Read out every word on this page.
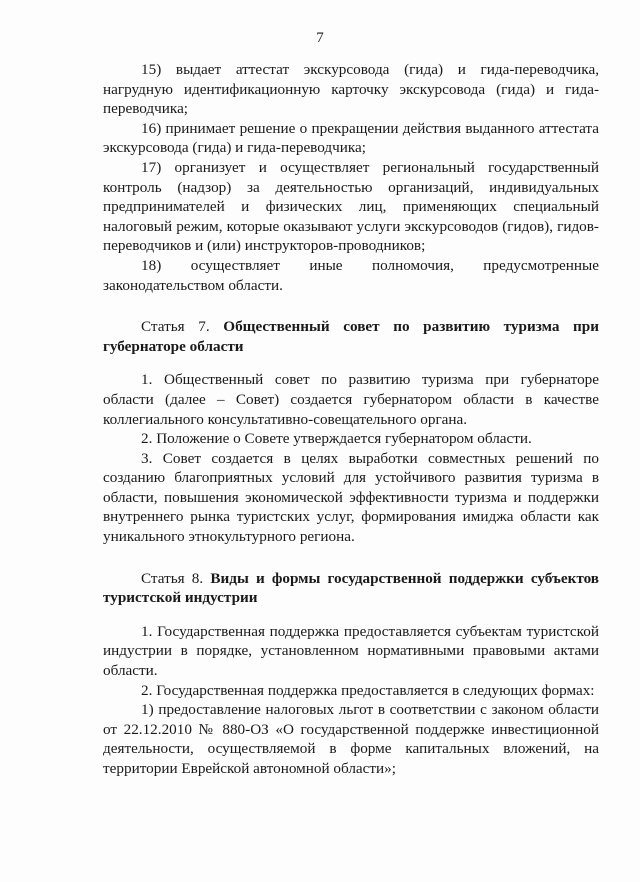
7

15) выдает аттестат экскурсовода (гида) и гида-переводчика, нагрудную идентификационную карточку экскурсовода (гида) и гида-переводчика;

16) принимает решение о прекращении действия выданного аттестата экскурсовода (гида) и гида-переводчика;

17) организует и осуществляет региональный государственный контроль (надзор) за деятельностью организаций, индивидуальных предпринимателей и физических лиц, применяющих специальный налоговый режим, которые оказывают услуги экскурсоводов (гидов), гидов-переводчиков и (или) инструкторов-проводников;

18) осуществляет иные полномочия, предусмотренные законодательством области.

Статья 7. Общественный совет по развитию туризма при губернаторе области

1. Общественный совет по развитию туризма при губернаторе области (далее – Совет) создается губернатором области в качестве коллегиального консультативно-совещательного органа.

2. Положение о Совете утверждается губернатором области.

3. Совет создается в целях выработки совместных решений по созданию благоприятных условий для устойчивого развития туризма в области, повышения экономической эффективности туризма и поддержки внутреннего рынка туристских услуг, формирования имиджа области как уникального этнокультурного региона.

Статья 8. Виды и формы государственной поддержки субъектов туристской индустрии

1. Государственная поддержка предоставляется субъектам туристской индустрии в порядке, установленном нормативными правовыми актами области.

2. Государственная поддержка предоставляется в следующих формах:

1) предоставление налоговых льгот в соответствии с законом области от 22.12.2010 № 880-ОЗ «О государственной поддержке инвестиционной деятельности, осуществляемой в форме капитальных вложений, на территории Еврейской автономной области»;
